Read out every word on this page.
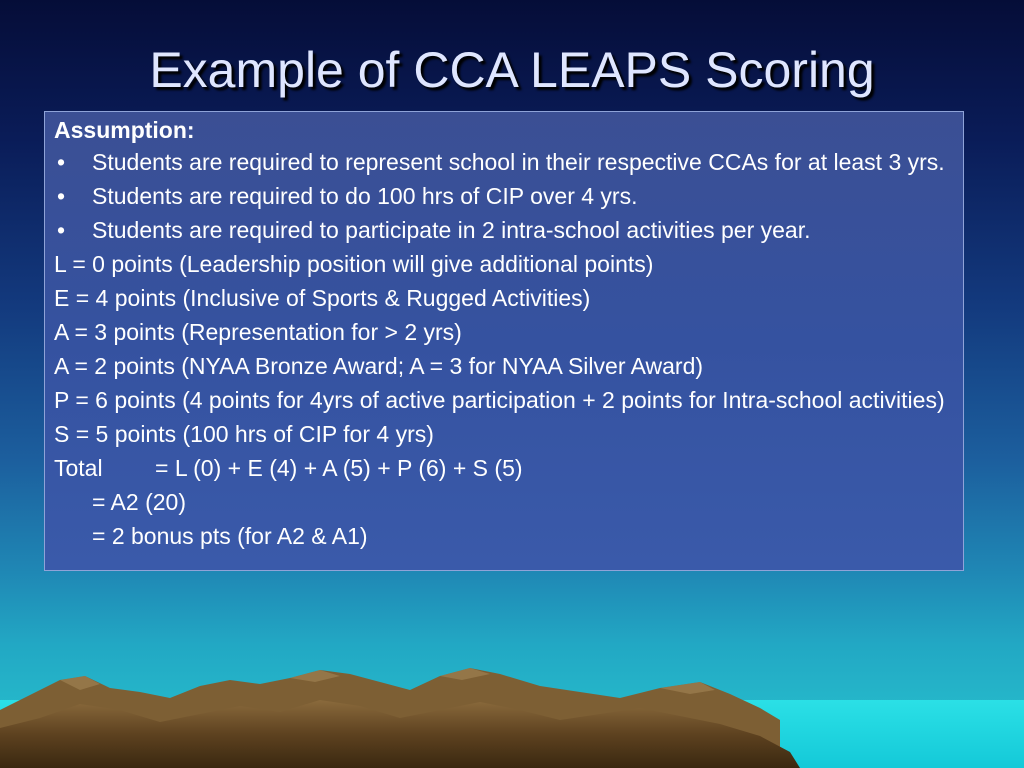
Example of CCA LEAPS Scoring
Assumption:
•	Students are required to represent school in their respective CCAs for at least 3 yrs.
•	Students are required to do 100 hrs of CIP over 4 yrs.
•	Students are required to participate in 2 intra-school activities per year.
L = 0 points (Leadership position will give additional points)
E = 4 points (Inclusive of Sports & Rugged Activities)
A = 3 points (Representation for > 2 yrs)
A = 2 points (NYAA Bronze Award; A = 3 for NYAA Silver Award)
P = 6 points (4 points for 4yrs of active participation + 2 points for Intra-school activities)
S = 5 points (100 hrs of CIP for 4 yrs)
Total	= L (0) + E (4) + A (5) + P (6) + S (5)
= A2 (20)
= 2 bonus pts (for A2 & A1)
